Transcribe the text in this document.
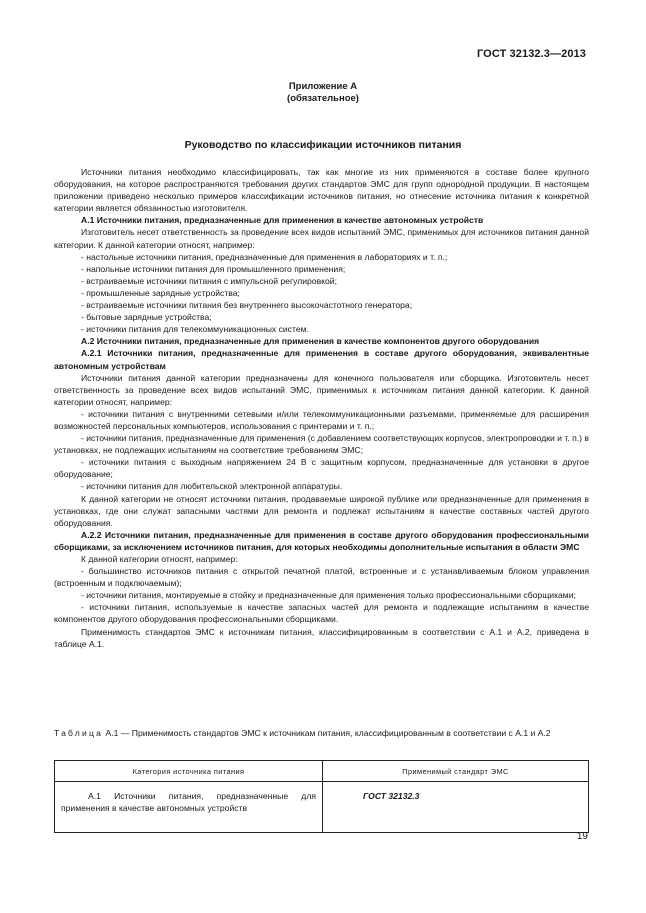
ГОСТ 32132.3—2013
Приложение А
(обязательное)
Руководство по классификации источников питания

Источники питания необходимо классифицировать, так как многие из них применяются в составе более крупного оборудования, на которое распространяются требования других стандартов ЭМС для групп однородной продукции. В настоящем приложении приведено несколько примеров классификации источников питания, но отнесение источника питания к конкретной категории является обязанностью изготовителя.

А.1 Источники питания, предназначенные для применения в качестве автономных устройств

Изготовитель несет ответственность за проведение всех видов испытаний ЭМС, применимых для источников питания данной категории. К данной категории относят, например:

- настольные источники питания, предназначенные для применения в лабораториях и т. п.;
- напольные источники питания для промышленного применения;
- встраиваемые источники питания с импульсной регулировкой;
- промышленные зарядные устройства;
- встраиваемые источники питания без внутреннего высокочастотного генератора;
- бытовые зарядные устройства;
- источники питания для телекоммуникационных систем.

А.2 Источники питания, предназначенные для применения в качестве компонентов другого оборудования

А.2.1 Источники питания, предназначенные для применения в составе другого оборудования, эквивалентные автономным устройствам

Источники питания данной категории предназначены для конечного пользователя или сборщика. Изготовитель несет ответственность за проведение всех видов испытаний ЭМС, применимых к источникам питания данной категории. К данной категории относят, например:

- источники питания с внутренними сетевыми и/или телекоммуникационными разъемами, применяемые для расширения возможностей персональных компьютеров, использования с принтерами и т. п.;
- источники питания, предназначенные для применения (с добавлением соответствующих корпусов, электропроводки и т. п.) в установках, не подлежащих испытаниям на соответствие требованиям ЭМС;
- источники питания с выходным напряжением 24 В с защитным корпусом, предназначенные для установки в другое оборудование;
- источники питания для любительской электронной аппаратуры.

К данной категории не относят источники питания, продаваемые широкой публике или предназначенные для применения в установках, где они служат запасными частями для ремонта и подлежат испытаниям в качестве составных частей другого оборудования.

А.2.2 Источники питания, предназначенные для применения в составе другого оборудования профессиональными сборщиками, за исключением источников питания, для которых необходимы дополнительные испытания в области ЭМС

К данной категории относят, например:

- большинство источников питания с открытой печатной платой, встроенные и с устанавливаемым блоком управления (встроенным и подключаемым);
- источники питания, монтируемые в стойку и предназначенные для применения только профессиональными сборщиками;
- источники питания, используемые в качестве запасных частей для ремонта и подлежащие испытаниям в качестве компонентов другого оборудования профессиональными сборщиками.

Применимость стандартов ЭМС к источникам питания, классифицированным в соответствии с А.1 и А.2, приведена в таблице А.1.

Таблица А.1 — Применимость стандартов ЭМС к источникам питания, классифицированным в соответствии с А.1 и А.2
Категория источника питания	Применимый стандарт ЭМС
А.1 Источники питания, предназначенные для применения в качестве автономных устройств	ГОСТ 32132.3
19
